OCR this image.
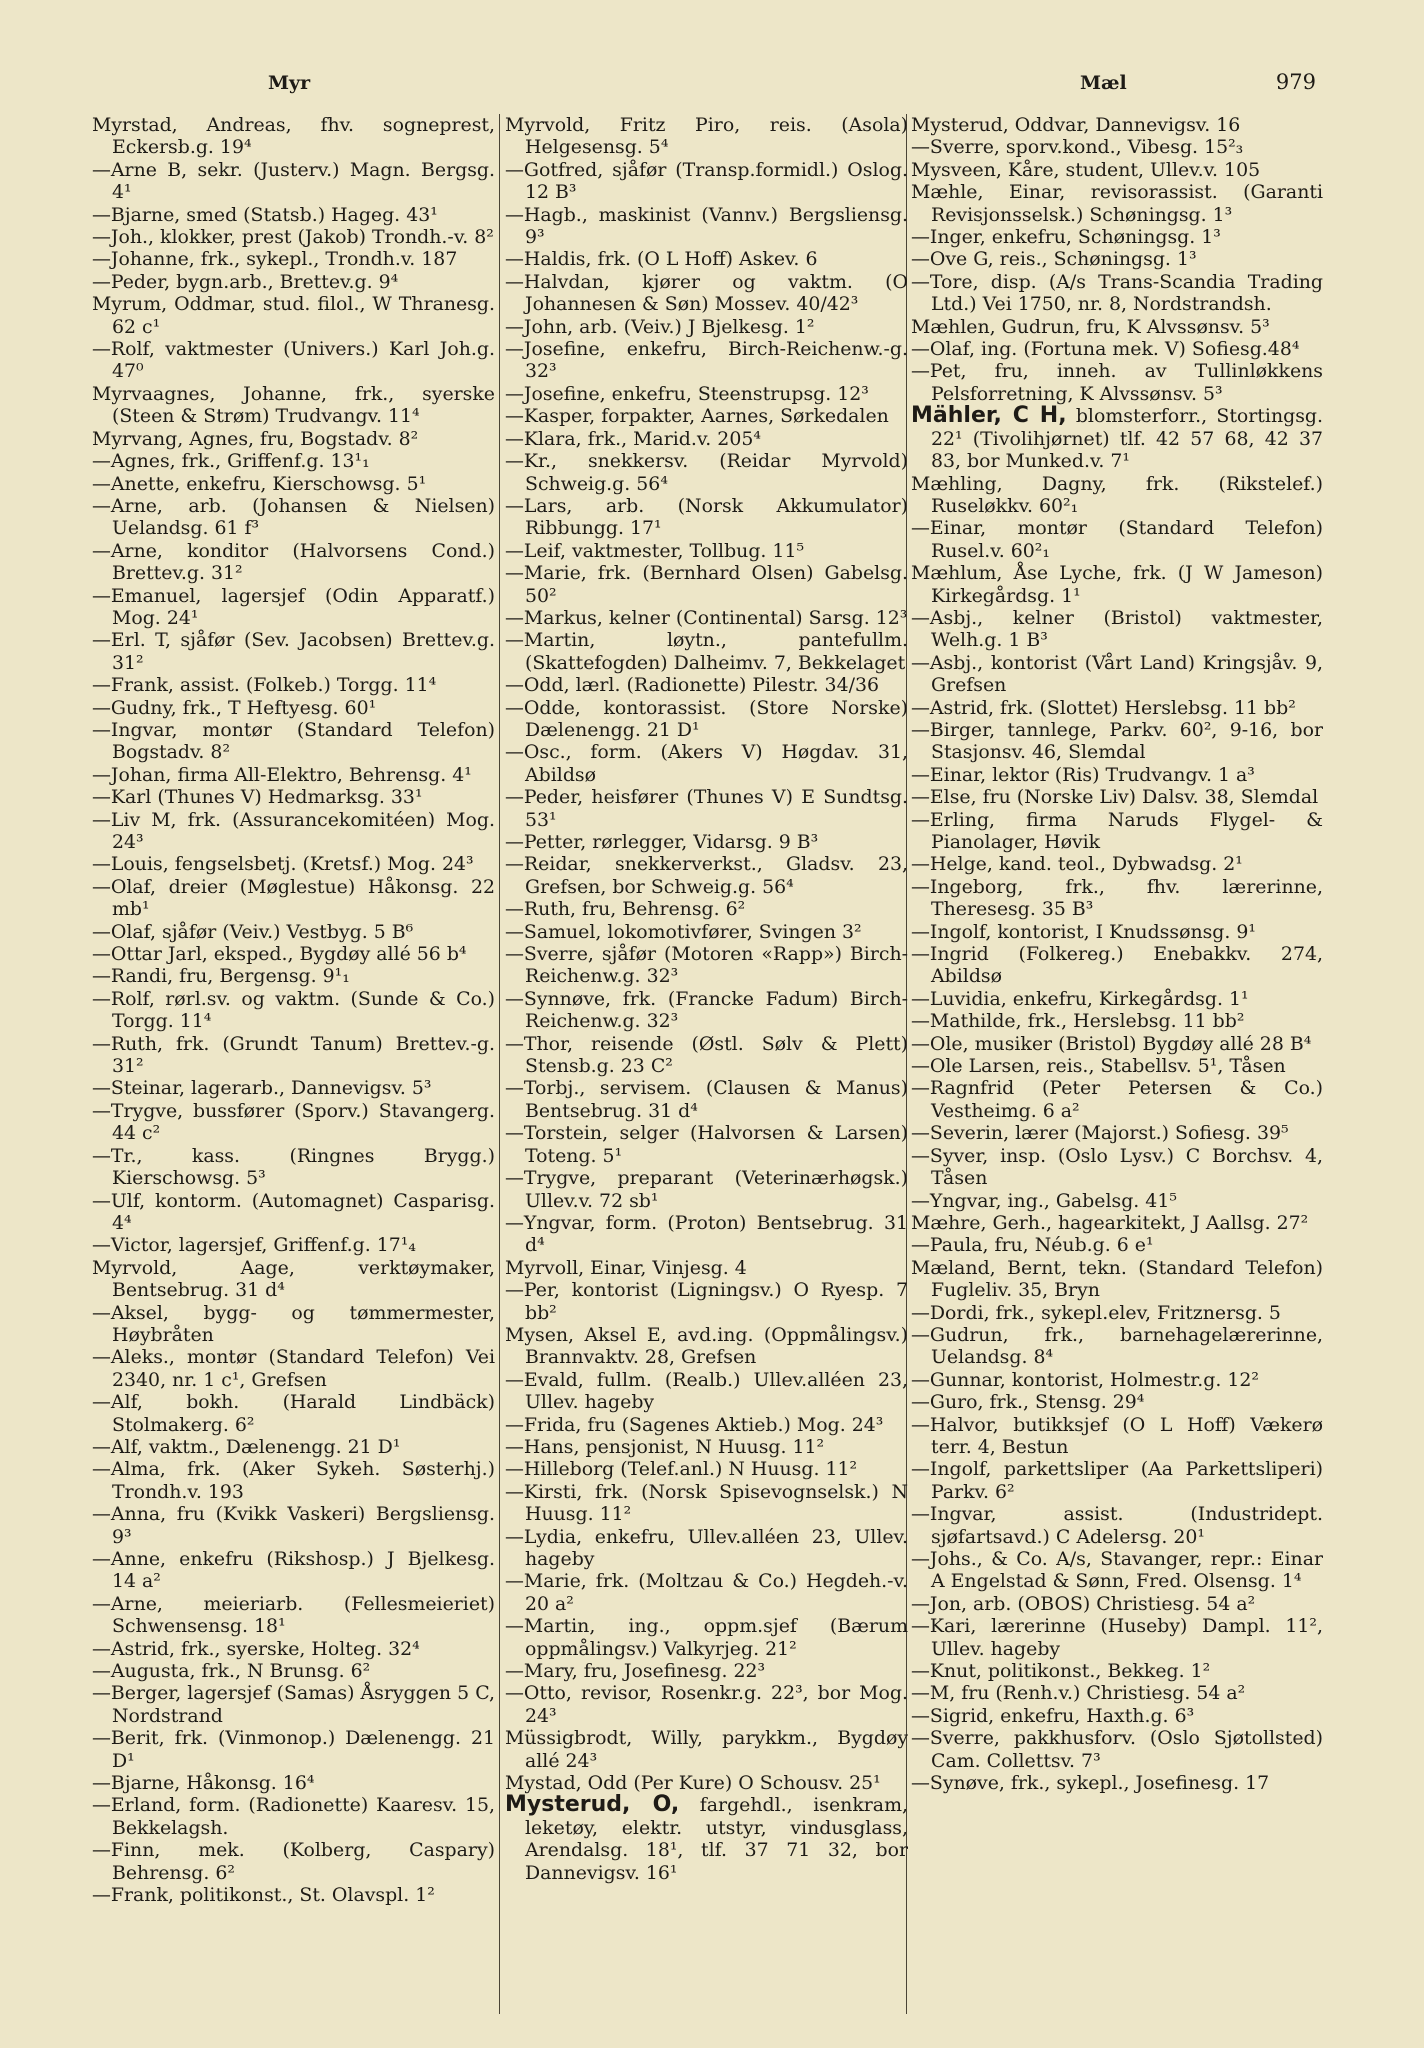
Myr	Mæl	979

Myrstad, Andreas, fhv. sogneprest, Eckersb.g. 19⁴

—Arne B, sekr. (Justerv.) Magn. Bergsg. 4¹

—Bjarne, smed (Statsb.) Hageg. 43¹

—Joh., klokker, prest (Jakob) Trondh.-v. 8²

—Johanne, frk., sykepl., Trondh.v. 187

—Peder, bygn.arb., Brettev.g. 9⁴

Myrum, Oddmar, stud. filol., W Thranesg. 62 c¹

—Rolf, vaktmester (Univers.) Karl Joh.g. 47⁰

Myrvaagnes, Johanne, frk., syerske (Steen & Strøm) Trudvangv. 11⁴

Myrvang, Agnes, fru, Bogstadv. 8²

—Agnes, frk., Griffenf.g. 13¹₁

—Anette, enkefru, Kierschowsg. 5¹

—Arne, arb. (Johansen & Nielsen) Uelandsg. 61 f³

—Arne, konditor (Halvorsens Cond.) Brettev.g. 31²

—Emanuel, lagersjef (Odin Apparatf.) Mog. 24¹

—Erl. T, sjåfør (Sev. Jacobsen) Brettev.g. 31²

—Frank, assist. (Folkeb.) Torgg. 11⁴

—Gudny, frk., T Heftyesg. 60¹

—Ingvar, montør (Standard Telefon) Bogstadv. 8²

—Johan, firma All-Elektro, Behrensg. 4¹

—Karl (Thunes V) Hedmarksg. 33¹

—Liv M, frk. (Assurancekomitéen) Mog. 24³

—Louis, fengselsbetj. (Kretsf.) Mog. 24³

—Olaf, dreier (Møglestue) Håkonsg. 22 mb¹

—Olaf, sjåfør (Veiv.) Vestbyg. 5 B⁶

—Ottar Jarl, eksped., Bygdøy allé 56 b⁴

—Randi, fru, Bergensg. 9¹₁

—Rolf, rørl.sv. og vaktm. (Sunde & Co.) Torgg. 11⁴

—Ruth, frk. (Grundt Tanum) Brettev.-g. 31²

—Steinar, lagerarb., Dannevigsv. 5³

—Trygve, bussfører (Sporv.) Stavangerg. 44 c²

—Tr., kass. (Ringnes Brygg.) Kierschowsg. 5³

—Ulf, kontorm. (Automagnet) Casparisg. 4⁴

—Victor, lagersjef, Griffenf.g. 17¹₄

Myrvold, Aage, verktøymaker, Bentsebrug. 31 d⁴

—Aksel, bygg- og tømmermester, Høybråten

—Aleks., montør (Standard Telefon) Vei 2340, nr. 1 c¹, Grefsen

—Alf, bokh. (Harald Lindbäck) Stolmakerg. 6²

—Alf, vaktm., Dælenengg. 21 D¹

—Alma, frk. (Aker Sykeh. Søsterhj.) Trondh.v. 193

—Anna, fru (Kvikk Vaskeri) Bergsliensg. 9³

—Anne, enkefru (Rikshosp.) J Bjelkesg. 14 a²

—Arne, meieriarb. (Fellesmeieriet) Schwensensg. 18¹

—Astrid, frk., syerske, Holteg. 32⁴

—Augusta, frk., N Brunsg. 6²

—Berger, lagersjef (Samas) Åsryggen 5 C, Nordstrand

—Berit, frk. (Vinmonop.) Dælenengg. 21 D¹

—Bjarne, Håkonsg. 16⁴

—Erland, form. (Radionette) Kaaresv. 15, Bekkelagsh.

—Finn, mek. (Kolberg, Caspary) Behrensg. 6²

—Frank, politikonst., St. Olavspl. 1²

Myrvold, Fritz Piro, reis. (Asola) Helgesensg. 5⁴

—Gotfred, sjåfør (Transp.formidl.) Oslog. 12 B³

—Hagb., maskinist (Vannv.) Bergsliensg. 9³

—Haldis, frk. (O L Hoff) Askev. 6

—Halvdan, kjører og vaktm. (O Johannesen & Søn) Mossev. 40/42³

—John, arb. (Veiv.) J Bjelkesg. 1²

—Josefine, enkefru, Birch-Reichenw.-g. 32³

—Josefine, enkefru, Steenstrupsg. 12³

—Kasper, forpakter, Aarnes, Sørkedalen

—Klara, frk., Marid.v. 205⁴

—Kr., snekkersv. (Reidar Myrvold) Schweig.g. 56⁴

—Lars, arb. (Norsk Akkumulator) Ribbungg. 17¹

—Leif, vaktmester, Tollbug. 11⁵

—Marie, frk. (Bernhard Olsen) Gabelsg. 50²

—Markus, kelner (Continental) Sarsg. 12³

—Martin, løytn., pantefullm. (Skattefogden) Dalheimv. 7, Bekkelaget

—Odd, lærl. (Radionette) Pilestr. 34/36

—Odde, kontorassist. (Store Norske) Dælenengg. 21 D¹

—Osc., form. (Akers V) Høgdav. 31, Abildsø

—Peder, heisfører (Thunes V) E Sundtsg. 53¹

—Petter, rørlegger, Vidarsg. 9 B³

—Reidar, snekkerverkst., Gladsv. 23, Grefsen, bor Schweig.g. 56⁴

—Ruth, fru, Behrensg. 6²

—Samuel, lokomotivfører, Svingen 3²

—Sverre, sjåfør (Motoren «Rapp») Birch-Reichenw.g. 32³

—Synnøve, frk. (Francke Fadum) Birch-Reichenw.g. 32³

—Thor, reisende (Østl. Sølv & Plett) Stensb.g. 23 C²

—Torbj., servisem. (Clausen & Manus) Bentsebrug. 31 d⁴

—Torstein, selger (Halvorsen & Larsen) Toteng. 5¹

—Trygve, preparant (Veterinærhøgsk.) Ullev.v. 72 sb¹

—Yngvar, form. (Proton) Bentsebrug. 31 d⁴

Myrvoll, Einar, Vinjesg. 4

—Per, kontorist (Ligningsv.) O Ryesp. 7 bb²

Mysen, Aksel E, avd.ing. (Oppmålingsv.) Brannvaktv. 28, Grefsen

—Evald, fullm. (Realb.) Ullev.alléen 23, Ullev. hageby

—Frida, fru (Sagenes Aktieb.) Mog. 24³

—Hans, pensjonist, N Huusg. 11²

—Hilleborg (Telef.anl.) N Huusg. 11²

—Kirsti, frk. (Norsk Spisevognselsk.) N Huusg. 11²

—Lydia, enkefru, Ullev.alléen 23, Ullev. hageby

—Marie, frk. (Moltzau & Co.) Hegdeh.-v. 20 a²

—Martin, ing., oppm.sjef (Bærum oppmålingsv.) Valkyrjeg. 21²

—Mary, fru, Josefinesg. 22³

—Otto, revisor, Rosenkr.g. 22³, bor Mog. 24³

Müssigbrodt, Willy, parykkm., Bygdøy allé 24³

Mystad, Odd (Per Kure) O Schousv. 25¹

Mysterud, O, fargehdl., isenkram, leketøy, elektr. utstyr, vindusglass, Arendalsg. 18¹, tlf. 37 71 32, bor Dannevigsv. 16¹

Mysterud, Oddvar, Dannevigsv. 16

—Sverre, sporv.kond., Vibesg. 15²₃

Mysveen, Kåre, student, Ullev.v. 105

Mæhle, Einar, revisorassist. (Garanti Revisjonsselsk.) Schøningsg. 1³

—Inger, enkefru, Schøningsg. 1³

—Ove G, reis., Schøningsg. 1³

—Tore, disp. (A/s Trans-Scandia Trading Ltd.) Vei 1750, nr. 8, Nordstrandsh.

Mæhlen, Gudrun, fru, K Alvssønsv. 5³

—Olaf, ing. (Fortuna mek. V) Sofiesg.48⁴

—Pet, fru, inneh. av Tullinløkkens Pelsforretning, K Alvssønsv. 5³

Mähler, C H, blomsterforr., Stortingsg. 22¹ (Tivolihjørnet) tlf. 42 57 68, 42 37 83, bor Munked.v. 7¹

Mæhling, Dagny, frk. (Rikstelef.) Ruseløkkv. 60²₁

—Einar, montør (Standard Telefon) Rusel.v. 60²₁

Mæhlum, Åse Lyche, frk. (J W Jameson) Kirkegårdsg. 1¹

—Asbj., kelner (Bristol) vaktmester, Welh.g. 1 B³

—Asbj., kontorist (Vårt Land) Kringsjåv. 9, Grefsen

—Astrid, frk. (Slottet) Herslebsg. 11 bb²

—Birger, tannlege, Parkv. 60², 9-16, bor Stasjonsv. 46, Slemdal

—Einar, lektor (Ris) Trudvangv. 1 a³

—Else, fru (Norske Liv) Dalsv. 38, Slemdal

—Erling, firma Naruds Flygel- & Pianolager, Høvik

—Helge, kand. teol., Dybwadsg. 2¹

—Ingeborg, frk., fhv. lærerinne, Theresesg. 35 B³

—Ingolf, kontorist, I Knudssønsg. 9¹

—Ingrid (Folkereg.) Enebakkv. 274, Abildsø

—Luvidia, enkefru, Kirkegårdsg. 1¹

—Mathilde, frk., Herslebsg. 11 bb²

—Ole, musiker (Bristol) Bygdøy allé 28 B⁴

—Ole Larsen, reis., Stabellsv. 5¹, Tåsen

—Ragnfrid (Peter Petersen & Co.) Vestheimg. 6 a²

—Severin, lærer (Majorst.) Sofiesg. 39⁵

—Syver, insp. (Oslo Lysv.) C Borchsv. 4, Tåsen

—Yngvar, ing., Gabelsg. 41⁵

Mæhre, Gerh., hagearkitekt, J Aallsg. 27²

—Paula, fru, Néub.g. 6 e¹

Mæland, Bernt, tekn. (Standard Telefon) Fugleliv. 35, Bryn

—Dordi, frk., sykepl.elev, Fritznersg. 5

—Gudrun, frk., barnehagelærerinne, Uelandsg. 8⁴

—Gunnar, kontorist, Holmestr.g. 12²

—Guro, frk., Stensg. 29⁴

—Halvor, butikksjef (O L Hoff) Vækerø terr. 4, Bestun

—Ingolf, parkettsliper (Aa Parkettsliperi) Parkv. 6²

—Ingvar, assist. (Industridept. sjøfartsavd.) C Adelersg. 20¹

—Johs., & Co. A/s, Stavanger, repr.: Einar A Engelstad & Sønn, Fred. Olsensg. 1⁴

—Jon, arb. (OBOS) Christiesg. 54 a²

—Kari, lærerinne (Huseby) Dampl. 11², Ullev. hageby

—Knut, politikonst., Bekkeg. 1²

—M, fru (Renh.v.) Christiesg. 54 a²

—Sigrid, enkefru, Haxth.g. 6³

—Sverre, pakkhusforv. (Oslo Sjøtollsted) Cam. Collettsv. 7³

—Synøve, frk., sykepl., Josefinesg. 17
